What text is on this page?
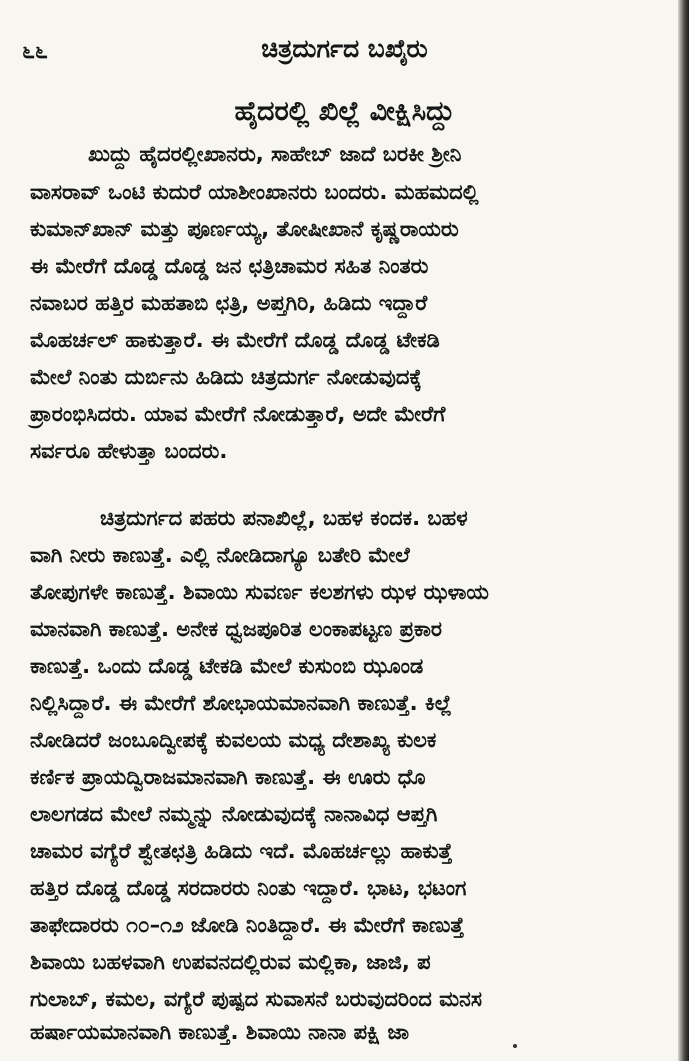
೬೬	ಚಿತ್ರದುರ್ಗದ ಬಖೈರು
ಹೈದರಲ್ಲಿ ಖಿಲ್ಲೆ ವೀಕ್ಷಿಸಿದ್ದು
ಖುದ್ದು ಹೈದರಲ್ಲೀಖಾನರು, ಸಾಹೇಬ್ ಜಾದೆ ಬರಕೀ ಶ್ರೀನಿ
ವಾಸರಾವ್ ಒಂಟಿ ಕುದುರೆ ಯಾಶೀಂಖಾನರು ಬಂದರು. ಮಹಮದಲ್ಲಿ
ಕುಮಾನ್‌ಖಾನ್ ಮತ್ತು ಪೂರ್ಣಯ್ಯ, ತೋಷೀಖಾನೆ ಕೃಷ್ಣರಾಯರು
ಈ ಮೇರೆಗೆ ದೊಡ್ಡ ದೊಡ್ಡ ಜನ ಛತ್ರಿಚಾಮರ ಸಹಿತ ನಿಂತರು
ನವಾಬರ ಹತ್ತಿರ ಮಹತಾಬಿ ಛತ್ರಿ, ಅಪ್ತಗಿರಿ, ಹಿಡಿದು ಇದ್ದಾರೆ
ಮೊಹರ್ಚಲ್ ಹಾಕುತ್ತಾರೆ. ಈ ಮೇರೆಗೆ ದೊಡ್ಡ ದೊಡ್ಡ ಟೇಕಡಿ
ಮೇಲೆ ನಿಂತು ದುರ್ಬಿನು ಹಿಡಿದು ಚಿತ್ರದುರ್ಗ ನೋಡುವುದಕ್ಕೆ
ಪ್ರಾರಂಭಿಸಿದರು. ಯಾವ ಮೇರೆಗೆ ನೋಡುತ್ತಾರೆ, ಅದೇ ಮೇರೆಗೆ
ಸರ್ವರೂ ಹೇಳುತ್ತಾ ಬಂದರು.
ಚಿತ್ರದುರ್ಗದ ಪಹರು ಪನಾಖಿಲ್ಲೆ, ಬಹಳ ಕಂದಕ. ಬಹಳ
ವಾಗಿ ನೀರು ಕಾಣುತ್ತೆ. ಎಲ್ಲಿ ನೋಡಿದಾಗ್ಯೂ ಬತೇರಿ ಮೇಲೆ
ತೋಪುಗಳೇ ಕಾಣುತ್ತೆ. ಶಿವಾಯಿ ಸುವರ್ಣ ಕಲಶಗಳು ಝಳ ಝಳಾಯ
ಮಾನವಾಗಿ ಕಾಣುತ್ತೆ. ಅನೇಕ ಧ್ವಜಪೂರಿತ ಲಂಕಾಪಟ್ಟಣ ಪ್ರಕಾರ
ಕಾಣುತ್ತೆ. ಒಂದು ದೊಡ್ಡ ಟೇಕಡಿ ಮೇಲೆ ಕುಸುಂಬಿ ಝೂಂಡ
ನಿಲ್ಲಿಸಿದ್ದಾರೆ. ಈ ಮೇರೆಗೆ ಶೋಭಾಯಮಾನವಾಗಿ ಕಾಣುತ್ತೆ. ಕಿಲ್ಲೆ
ನೋಡಿದರೆ ಜಂಬೂದ್ವೀಪಕ್ಕೆ ಕುವಲಯ ಮಧ್ಯ ದೇಶಾಖ್ಯ ಕುಲಕ
ಕರ್ಣಿಕ ಪ್ರಾಯದ್ವಿರಾಜಮಾನವಾಗಿ ಕಾಣುತ್ತೆ. ಈ ಊರು ಧೊ
ಲಾಲಗಡದ ಮೇಲೆ ನಮ್ಮನ್ನು ನೋಡುವುದಕ್ಕೆ ನಾನಾವಿಧ ಆಪ್ತಗಿ
ಚಾಮರ ವಗ್ಯೆರೆ ಶ್ವೇತಛತ್ರಿ ಹಿಡಿದು ಇದೆ. ಮೊಹರ್ಚಲ್ಲು ಹಾಕುತ್ತೆ
ಹತ್ತಿರ ದೊಡ್ಡ ದೊಡ್ಡ ಸರದಾರರು ನಿಂತು ಇದ್ದಾರೆ. ಭಾಟ, ಭಟಂಗ
ತಾಫೇದಾರರು ೧೦–೧೨ ಜೋಡಿ ನಿಂತಿದ್ದಾರೆ. ಈ ಮೇರೆಗೆ ಕಾಣುತ್ತೆ
ಶಿವಾಯಿ ಬಹಳವಾಗಿ ಉಪವನದಲ್ಲಿರುವ ಮಲ್ಲಿಕಾ, ಜಾಜಿ, ಪ
ಗುಲಾಬ್, ಕಮಲ, ವಗ್ಯೆರೆ ಪುಷ್ಪದ ಸುವಾಸನೆ ಬರುವುದರಿಂದ ಮನಸ
ಹರ್ಷಾಯಮಾನವಾಗಿ ಕಾಣುತ್ತೆ. ಶಿವಾಯಿ ನಾನಾ ಪಕ್ಷಿ ಜಾ
